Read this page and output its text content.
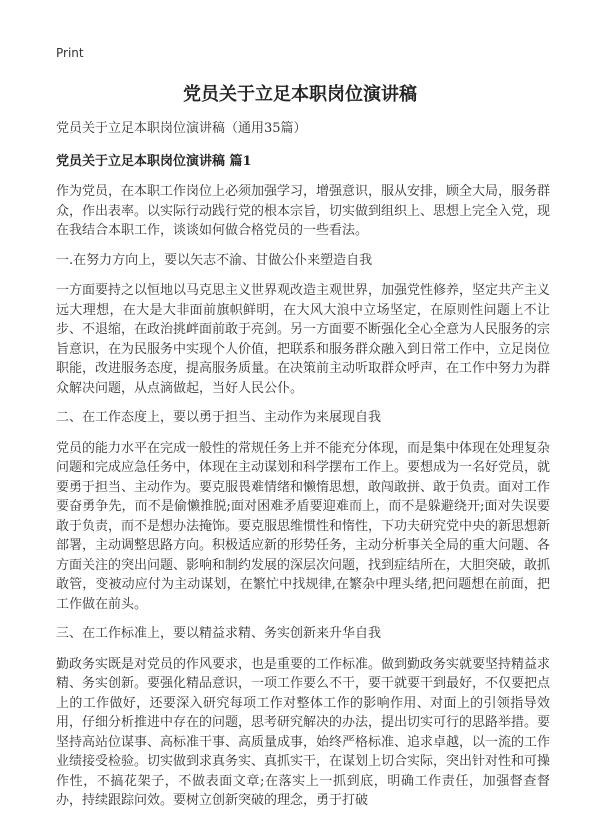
Print
党员关于立足本职岗位演讲稿

党员关于立足本职岗位演讲稿（通用35篇）

党员关于立足本职岗位演讲稿 篇1

作为党员，在本职工作岗位上必须加强学习，增强意识，服从安排，顾全大局，服务群众，作出表率。以实际行动践行党的根本宗旨，切实做到组织上、思想上完全入党，现在我结合本职工作，谈谈如何做合格党员的一些看法。

一.在努力方向上，要以矢志不渝、甘做公仆来塑造自我

一方面要持之以恒地以马克思主义世界观改造主观世界，加强党性修养，坚定共产主义远大理想，在大是大非面前旗帜鲜明，在大风大浪中立场坚定，在原则性问题上不让步、不退缩，在政治挑衅面前敢于亮剑。另一方面要不断强化全心全意为人民服务的宗旨意识，在为民服务中实现个人价值，把联系和服务群众融入到日常工作中，立足岗位职能，改进服务态度，提高服务质量。在决策前主动听取群众呼声，在工作中努力为群众解决问题，从点滴做起，当好人民公仆。

二、在工作态度上，要以勇于担当、主动作为来展现自我

党员的能力水平在完成一般性的常规任务上并不能充分体现，而是集中体现在处理复杂问题和完成应急任务中，体现在主动谋划和科学摆布工作上。要想成为一名好党员，就要勇于担当、主动作为。要克服畏难情绪和懒惰思想，敢闯敢拼、敢于负责。面对工作要奋勇争先，而不是偷懒推脱;面对困难矛盾要迎难而上，而不是躲避绕开;面对失误要敢于负责，而不是想办法掩饰。要克服思维惯性和惰性，下功夫研究党中央的新思想新部署，主动调整思路方向。积极适应新的形势任务，主动分析事关全局的重大问题、各方面关注的突出问题、影响和制约发展的深层次问题，找到症结所在，大胆突破，敢抓敢管，变被动应付为主动谋划，在繁忙中找规律,在繁杂中理头绪,把问题想在前面，把工作做在前头。

三、在工作标准上，要以精益求精、务实创新来升华自我

勤政务实既是对党员的作风要求，也是重要的工作标准。做到勤政务实就要坚持精益求精、务实创新。要强化精品意识，一项工作要么不干，要干就要干到最好，不仅要把点上的工作做好，还要深入研究每项工作对整体工作的影响作用、对面上的引领指导效用，仔细分析推进中存在的问题，思考研究解决的办法，提出切实可行的思路举措。要坚持高站位谋事、高标准干事、高质量成事，始终严格标准、追求卓越，以一流的工作业绩接受检验。切实做到求真务实、真抓实干，在谋划上切合实际，突出针对性和可操作性，不搞花架子，不做表面文章;在落实上一抓到底，明确工作责任，加强督查督办，持续跟踪问效。要树立创新突破的理念，勇于打破
